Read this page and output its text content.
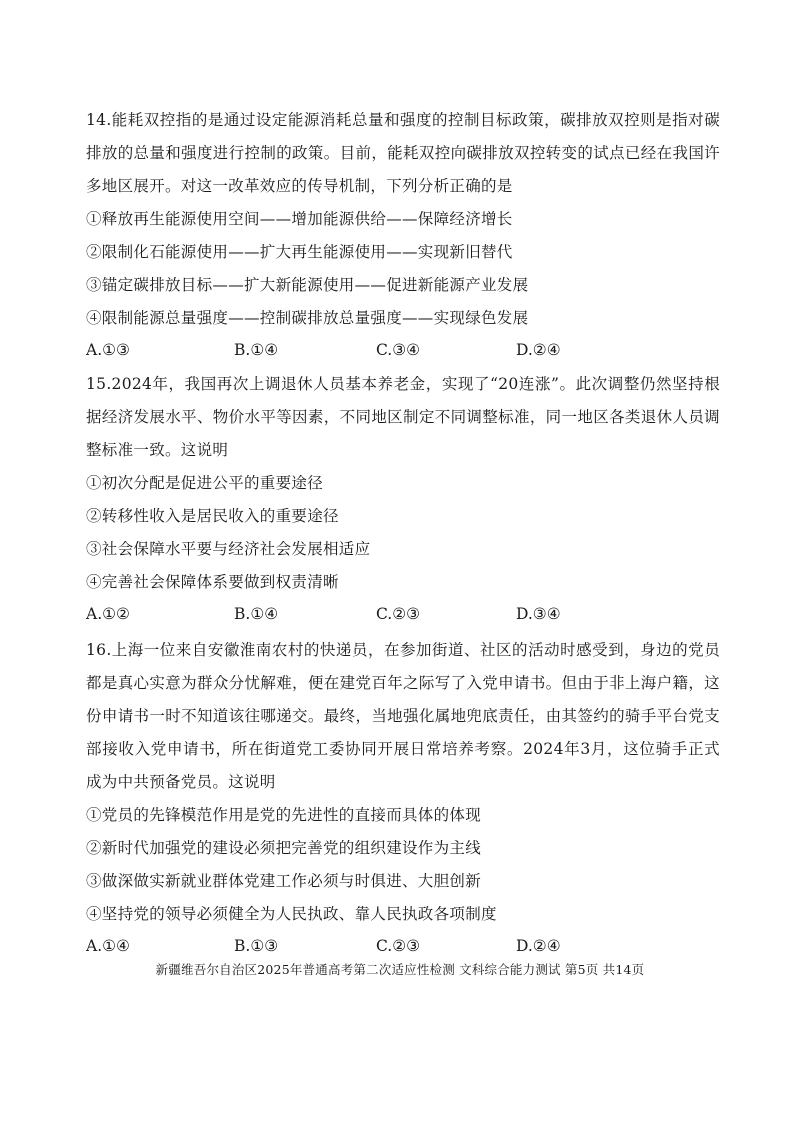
14.能耗双控指的是通过设定能源消耗总量和强度的控制目标政策，碳排放双控则是指对碳排放的总量和强度进行控制的政策。目前，能耗双控向碳排放双控转变的试点已经在我国许多地区展开。对这一改革效应的传导机制，下列分析正确的是

①释放再生能源使用空间——增加能源供给——保障经济增长

②限制化石能源使用——扩大再生能源使用——实现新旧替代

③锚定碳排放目标——扩大新能源使用——促进新能源产业发展

④限制能源总量强度——控制碳排放总量强度——实现绿色发展

A.①③	B.①④	C.③④	D.②④

15.2024年，我国再次上调退休人员基本养老金，实现了“20连涨”。此次调整仍然坚持根据经济发展水平、物价水平等因素，不同地区制定不同调整标准，同一地区各类退休人员调整标准一致。这说明

①初次分配是促进公平的重要途径

②转移性收入是居民收入的重要途径

③社会保障水平要与经济社会发展相适应

④完善社会保障体系要做到权责清晰

A.①②	B.①④	C.②③	D.③④

16.上海一位来自安徽淮南农村的快递员，在参加街道、社区的活动时感受到，身边的党员都是真心实意为群众分忧解难，便在建党百年之际写了入党申请书。但由于非上海户籍，这份申请书一时不知道该往哪递交。最终，当地强化属地兜底责任，由其签约的骑手平台党支部接收入党申请书，所在街道党工委协同开展日常培养考察。2024年3月，这位骑手正式成为中共预备党员。这说明

①党员的先锋模范作用是党的先进性的直接而具体的体现

②新时代加强党的建设必须把完善党的组织建设作为主线

③做深做实新就业群体党建工作必须与时俱进、大胆创新

④坚持党的领导必须健全为人民执政、靠人民执政各项制度

A.①④	B.①③	C.②③	D.②④
新疆维吾尔自治区2025年普通高考第二次适应性检测 文科综合能力测试 第5页 共14页
